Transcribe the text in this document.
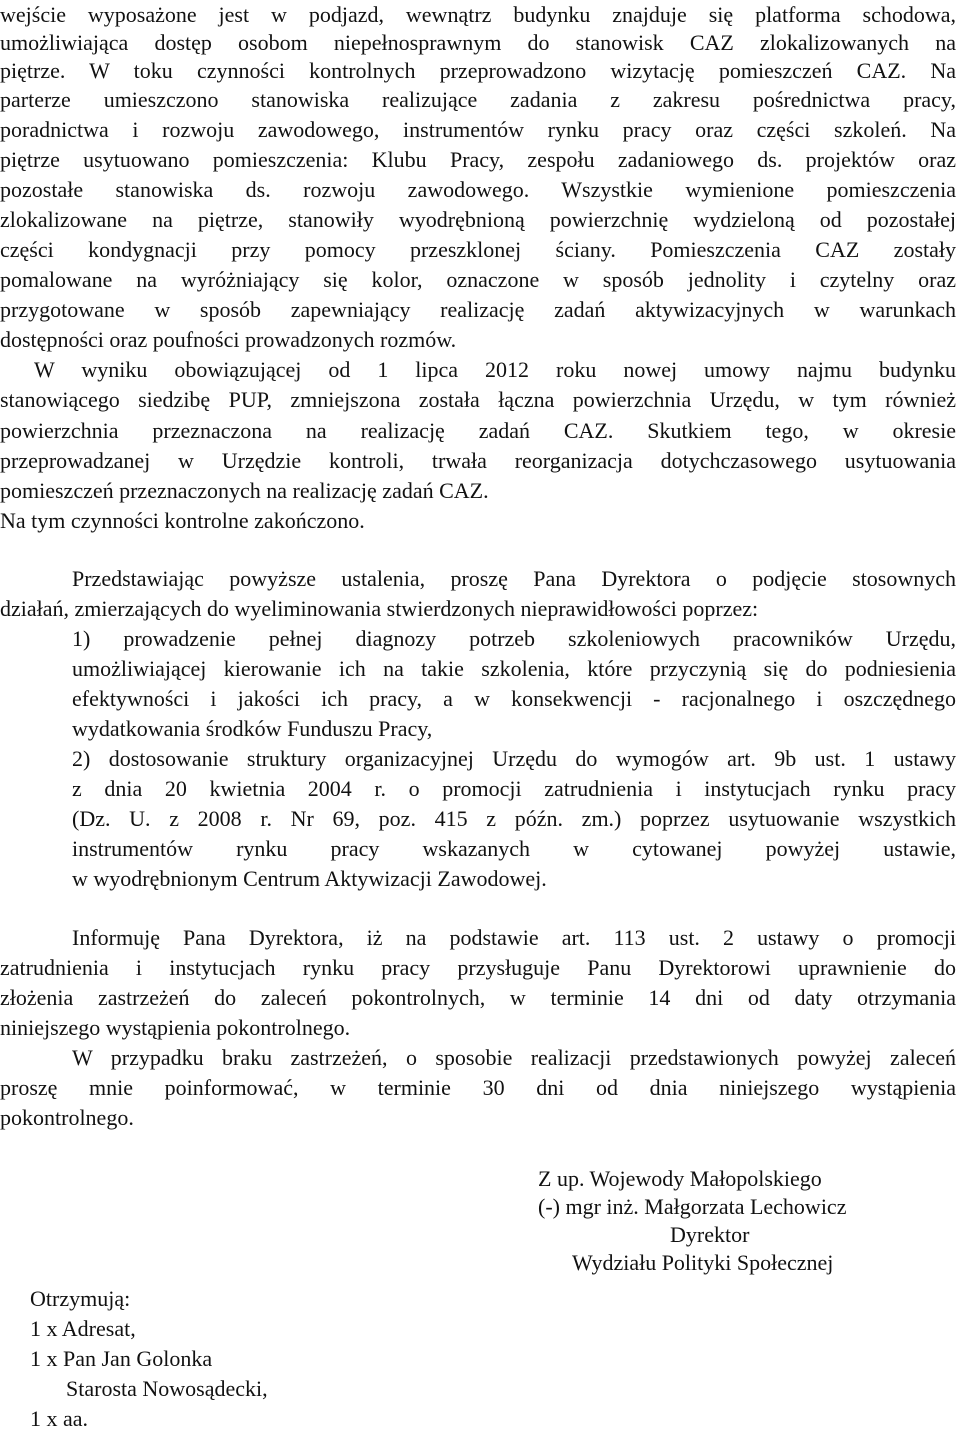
wejście wyposażone jest w podjazd, wewnątrz budynku znajduje się platforma schodowa,
umożliwiająca dostęp osobom niepełnosprawnym do stanowisk CAZ zlokalizowanych na
piętrze. W toku czynności kontrolnych przeprowadzono wizytację pomieszczeń CAZ. Na
parterze umieszczono stanowiska realizujące zadania z zakresu pośrednictwa pracy,
poradnictwa i rozwoju zawodowego, instrumentów rynku pracy oraz części szkoleń. Na
piętrze usytuowano pomieszczenia: Klubu Pracy, zespołu zadaniowego ds. projektów oraz
pozostałe stanowiska ds. rozwoju zawodowego. Wszystkie wymienione pomieszczenia
zlokalizowane na piętrze, stanowiły wyodrębnioną powierzchnię wydzieloną od pozostałej
części kondygnacji przy pomocy przeszklonej ściany. Pomieszczenia CAZ zostały
pomalowane na wyróżniający się kolor, oznaczone w sposób jednolity i czytelny oraz
przygotowane w sposób zapewniający realizację zadań aktywizacyjnych w warunkach
dostępności oraz poufności prowadzonych rozmów.
W wyniku obowiązującej od 1 lipca 2012 roku nowej umowy najmu budynku
stanowiącego siedzibę PUP, zmniejszona została łączna powierzchnia Urzędu, w tym również
powierzchnia przeznaczona na realizację zadań CAZ. Skutkiem tego, w okresie
przeprowadzanej w Urzędzie kontroli, trwała reorganizacja dotychczasowego usytuowania
pomieszczeń przeznaczonych na realizację zadań CAZ.
Na tym czynności kontrolne zakończono.
Przedstawiając powyższe ustalenia, proszę Pana Dyrektora o podjęcie stosownych
działań, zmierzających do wyeliminowania stwierdzonych nieprawidłowości poprzez:
1) prowadzenie pełnej diagnozy potrzeb szkoleniowych pracowników Urzędu,
umożliwiającej kierowanie ich na takie szkolenia, które przyczynią się do podniesienia
efektywności i jakości ich pracy, a w konsekwencji - racjonalnego i oszczędnego
wydatkowania środków Funduszu Pracy,
2) dostosowanie struktury organizacyjnej Urzędu do wymogów art. 9b ust. 1 ustawy
z dnia 20 kwietnia 2004 r. o promocji zatrudnienia i instytucjach rynku pracy
(Dz. U. z 2008 r. Nr 69, poz. 415 z późn. zm.) poprzez usytuowanie wszystkich
instrumentów rynku pracy wskazanych w cytowanej powyżej ustawie,
w wyodrębnionym Centrum Aktywizacji Zawodowej.
Informuję Pana Dyrektora, iż na podstawie art. 113 ust. 2 ustawy o promocji
zatrudnienia i instytucjach rynku pracy przysługuje Panu Dyrektorowi uprawnienie do
złożenia zastrzeżeń do zaleceń pokontrolnych, w terminie 14 dni od daty otrzymania
niniejszego wystąpienia pokontrolnego.
W przypadku braku zastrzeżeń, o sposobie realizacji przedstawionych powyżej zaleceń
proszę mnie poinformować, w terminie 30 dni od dnia niniejszego wystąpienia
pokontrolnego.
Z up. Wojewody Małopolskiego
(-) mgr inż. Małgorzata Lechowicz
Dyrektor
Wydziału Polityki Społecznej
Otrzymują:
1 x Adresat,
1 x Pan Jan Golonka
Starosta Nowosądecki,
1 x aa.
